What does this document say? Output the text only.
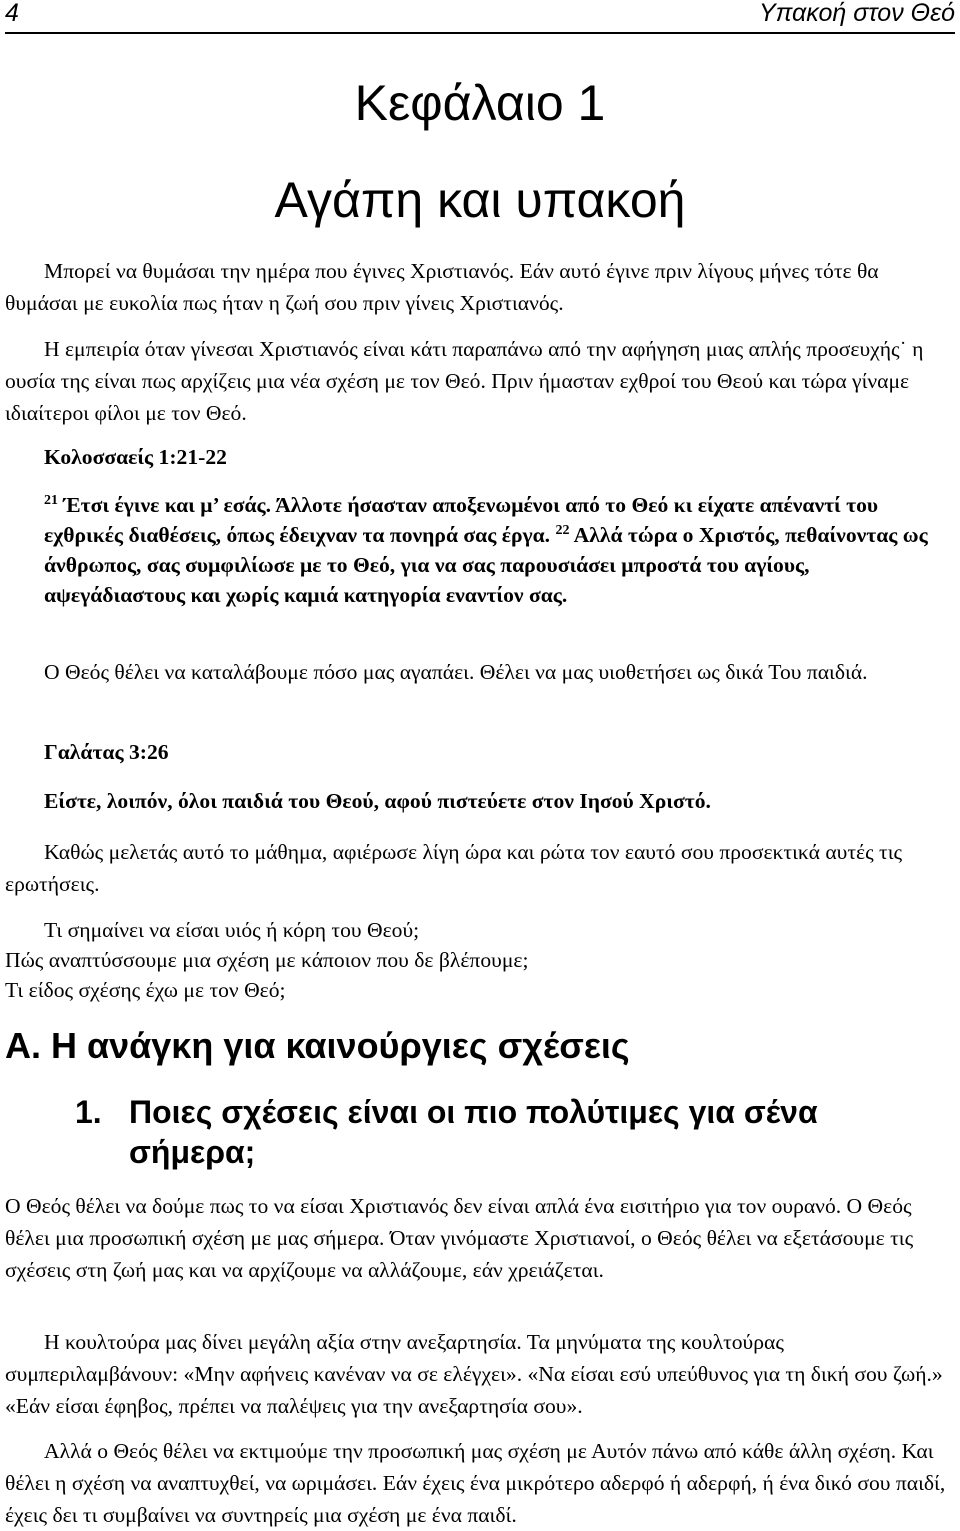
4	Υπακοή στον Θεό
Κεφάλαιο 1
Αγάπη και υπακοή

Μπορεί να θυμάσαι την ημέρα που έγινες Χριστιανός. Εάν αυτό έγινε πριν λίγους μήνες τότε θα θυμάσαι με ευκολία πως ήταν η ζωή σου πριν γίνεις Χριστιανός.

Η εμπειρία όταν γίνεσαι Χριστιανός είναι κάτι παραπάνω από την αφήγηση μιας απλής προσευχής˙ η ουσία της είναι πως αρχίζεις μια νέα σχέση με τον Θεό. Πριν ήμασταν εχθροί του Θεού και τώρα γίναμε ιδιαίτεροι φίλοι με τον Θεό.

Κολοσσαείς 1:21-22

$^{21}$ Έτσι έγινε και μ’ εσάς. Άλλοτε ήσασταν αποξενωμένοι από το Θεό κι είχατε απέναντί του εχθρικές διαθέσεις, όπως έδειχναν τα πονηρά σας έργα. $^{22}$ Αλλά τώρα ο Χριστός, πεθαίνοντας ως άνθρωπος, σας συμφιλίωσε με το Θεό, για να σας παρουσιάσει μπροστά του αγίους, αψεγάδιαστους και χωρίς καμιά κατηγορία εναντίον σας.

Ο Θεός θέλει να καταλάβουμε πόσο μας αγαπάει. Θέλει να μας υιοθετήσει ως δικά Του παιδιά.

Γαλάτας 3:26

Είστε, λοιπόν, όλοι παιδιά του Θεού, αφού πιστεύετε στον Ιησού Χριστό.

Καθώς μελετάς αυτό το μάθημα, αφιέρωσε λίγη ώρα και ρώτα τον εαυτό σου προσεκτικά αυτές τις ερωτήσεις.

Τι σημαίνει να είσαι υιός ή κόρη του Θεού;

Πώς αναπτύσσουμε μια σχέση με κάποιον που δε βλέπουμε;

Τι είδος σχέσης έχω με τον Θεό;

Α. Η ανάγκη για καινούργιες σχέσεις
1. Ποιες σχέσεις είναι οι πιο πολύτιμες για σένα σήμερα;

Ο Θεός θέλει να δούμε πως το να είσαι Χριστιανός δεν είναι απλά ένα εισιτήριο για τον ουρανό. Ο Θεός θέλει μια προσωπική σχέση με μας σήμερα. Όταν γινόμαστε Χριστιανοί, ο Θεός θέλει να εξετάσουμε τις σχέσεις στη ζωή μας και να αρχίζουμε να αλλάζουμε, εάν χρειάζεται.

Η κουλτούρα μας δίνει μεγάλη αξία στην ανεξαρτησία. Τα μηνύματα της κουλτούρας συμπεριλαμβάνουν: «Μην αφήνεις κανέναν να σε ελέγχει». «Να είσαι εσύ υπεύθυνος για τη δική σου ζωή.» «Εάν είσαι έφηβος, πρέπει να παλέψεις για την ανεξαρτησία σου».

Αλλά ο Θεός θέλει να εκτιμούμε την προσωπική μας σχέση με Αυτόν πάνω από κάθε άλλη σχέση. Και θέλει η σχέση να αναπτυχθεί, να ωριμάσει. Εάν έχεις ένα μικρότερο αδερφό ή αδερφή, ή ένα δικό σου παιδί, έχεις δει τι συμβαίνει να συντηρείς μια σχέση με ένα παιδί.
